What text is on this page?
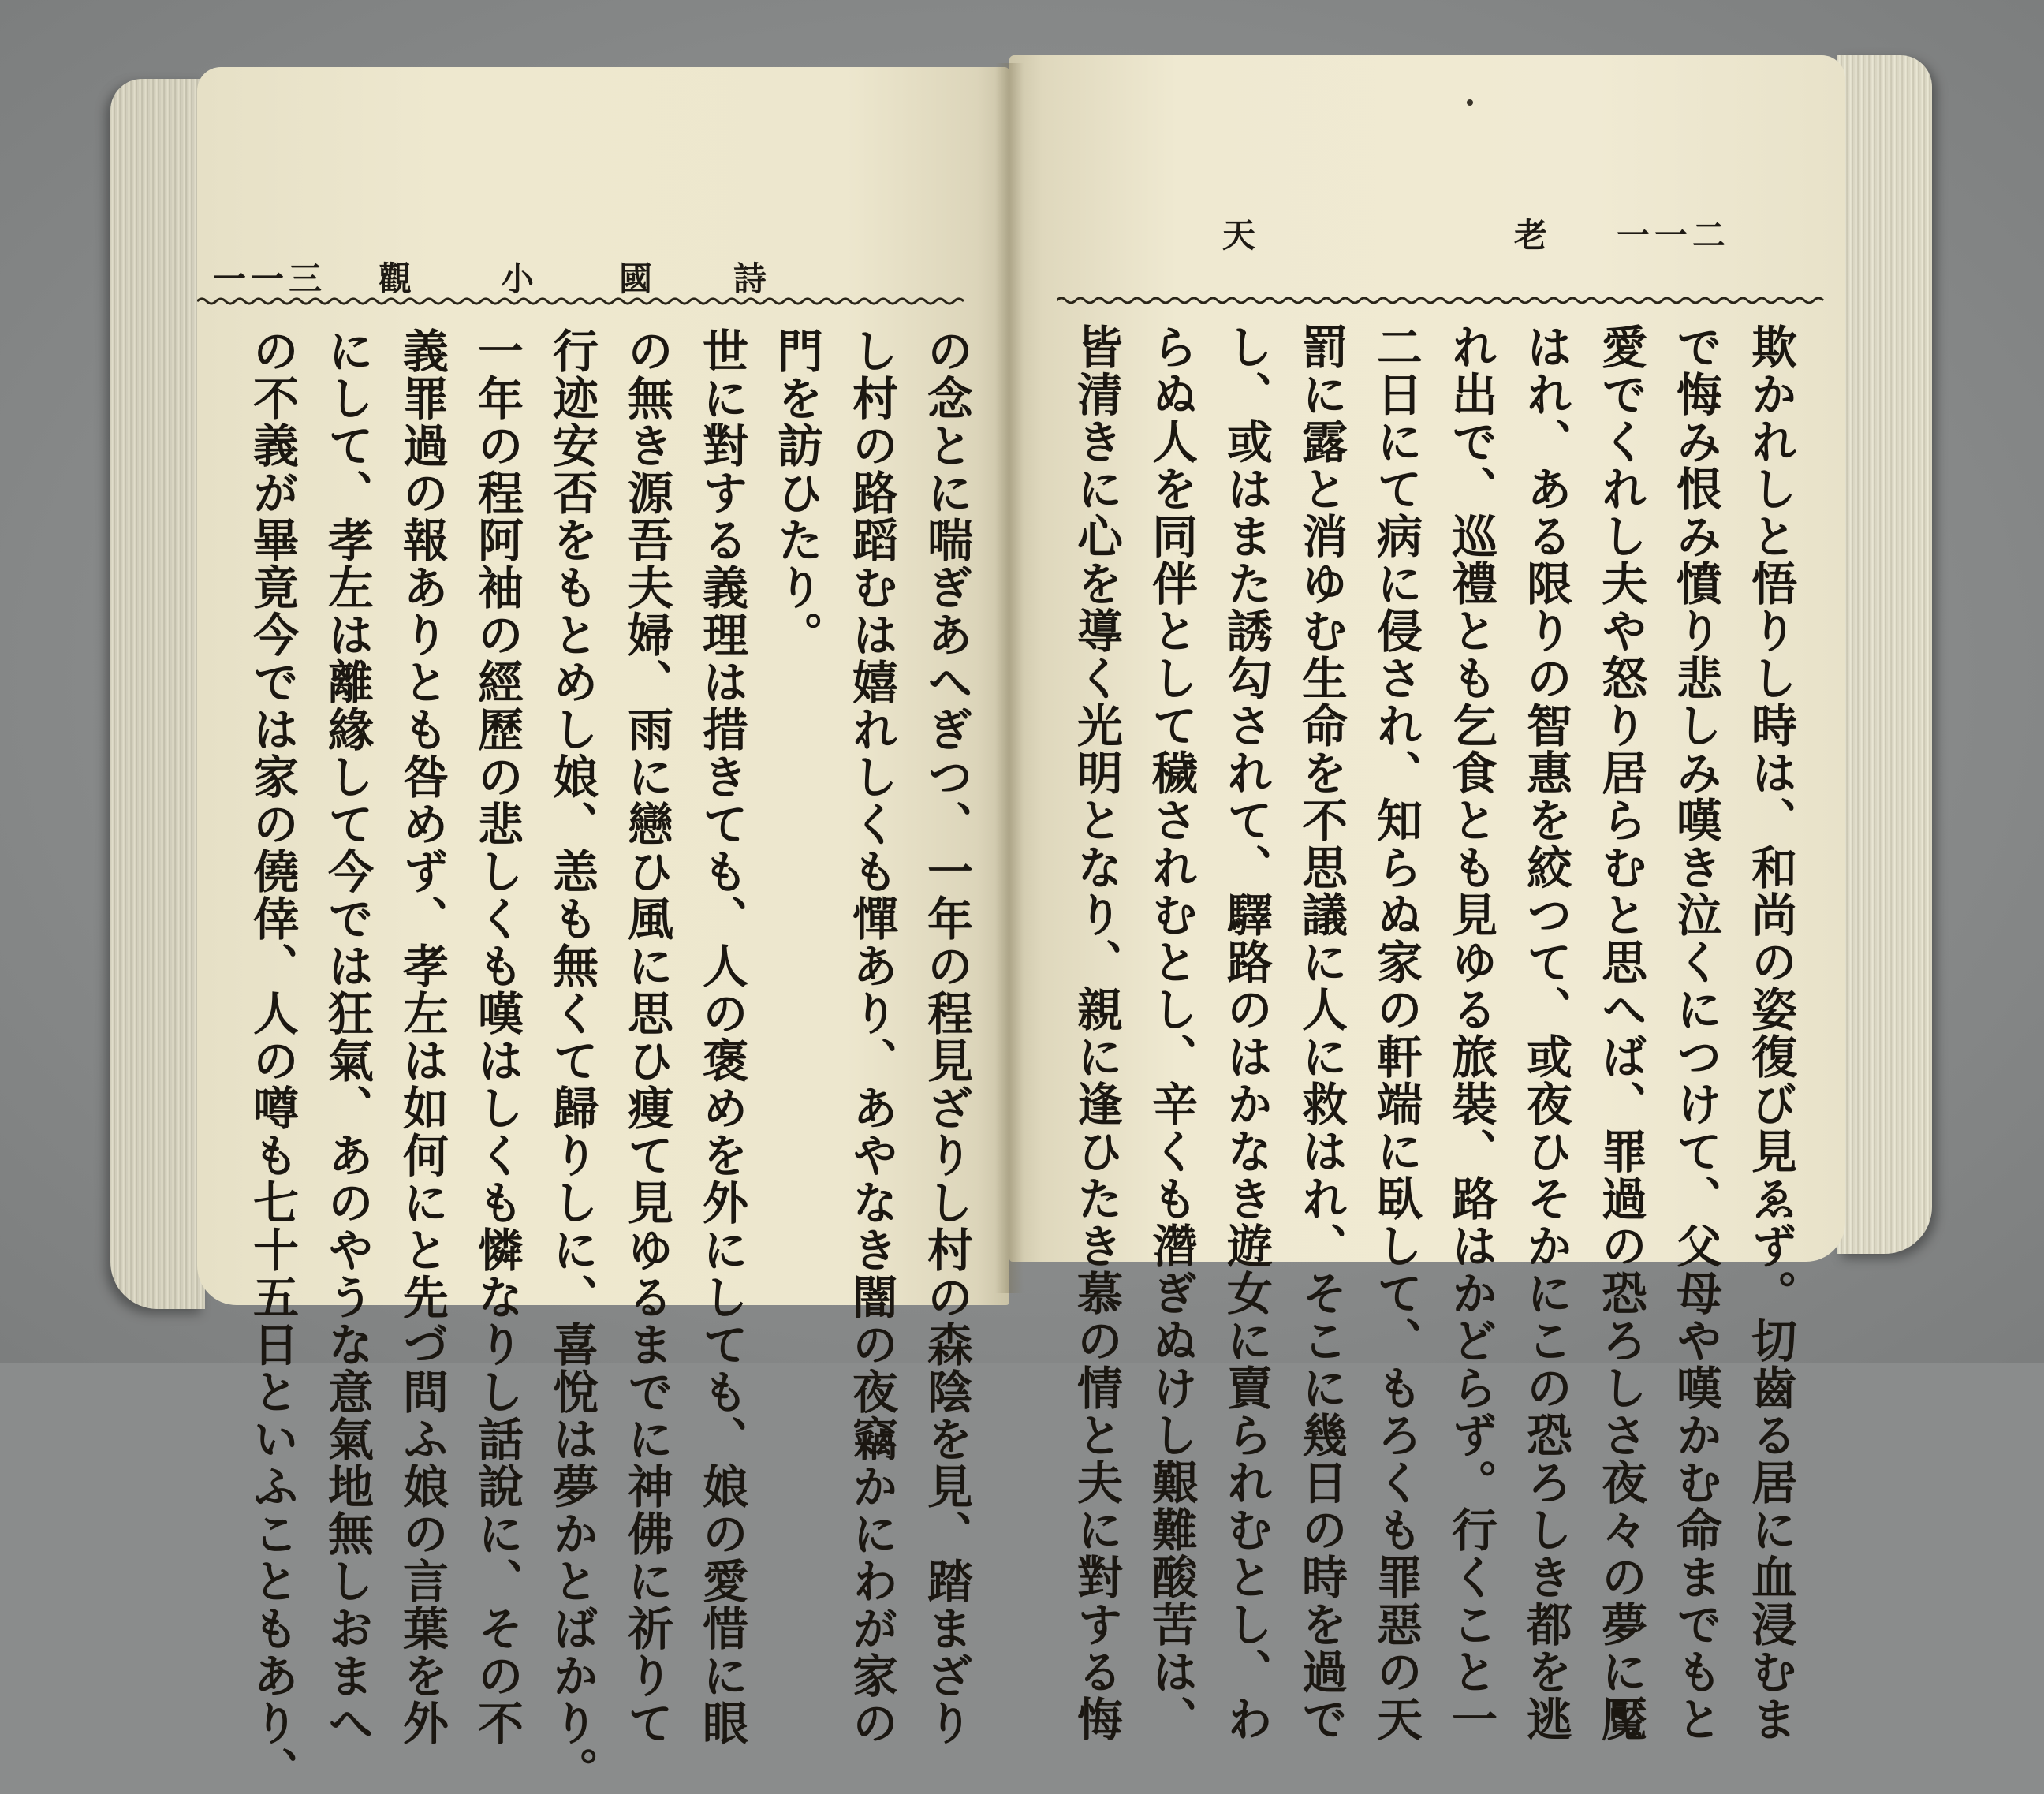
詩
國
小
觀
一一三
の念とに喘ぎあへぎつ、一年の程見ざりし村の森陰を見、踏まざり
し村の路蹈むは嬉れしくも憚あり、あやなき闇の夜竊かにわが家の
門を訪ひたり。
世に對する義理は措きても、人の褒めを外にしても、娘の愛惜に眼
の無き源吾夫婦、雨に戀ひ風に思ひ痩て見ゆるまでに神佛に祈りて
行迹安否をもとめし娘、恙も無くて歸りしに、喜悅は夢かとばかり。
一年の程阿袖の經歷の悲しくも嘆はしくも憐なりし話說に、その不
義罪過の報ありとも咎めず、孝左は如何にと先づ問ふ娘の言葉を外
にして、孝左は離緣して今では狂氣、あのやうな意氣地無しおまへ
の不義が畢竟今では家の僥倖、人の噂も七十五日といふこともあり、
天	老 一一二
欺かれしと悟りし時は、和尚の姿復び見ゑず。切齒る居に血浸むま
で悔み恨み憤り悲しみ嘆き泣くにつけて、父母や嘆かむ命までもと
愛でくれし夫や怒り居らむと思へば、罪過の恐ろしさ夜々の夢に魘
はれ、ある限りの智惠を絞つて、或夜ひそかにこの恐ろしき都を逃
れ出で、巡禮とも乞食とも見ゆる旅裝、路はかどらず。行くこと一
二日にて病に侵され、知らぬ家の軒端に臥して、もろくも罪惡の天
罰に露と消ゆむ生命を不思議に人に救はれ、そこに幾日の時を過で
し、或はまた誘勾されて、驛路のはかなき遊女に賣られむとし、わ
らぬ人を同伴として穢されむとし、辛くも濳ぎぬけし艱難酸苦は、
皆清きに心を導く光明となり、親に逢ひたき慕の情と夫に對する悔
